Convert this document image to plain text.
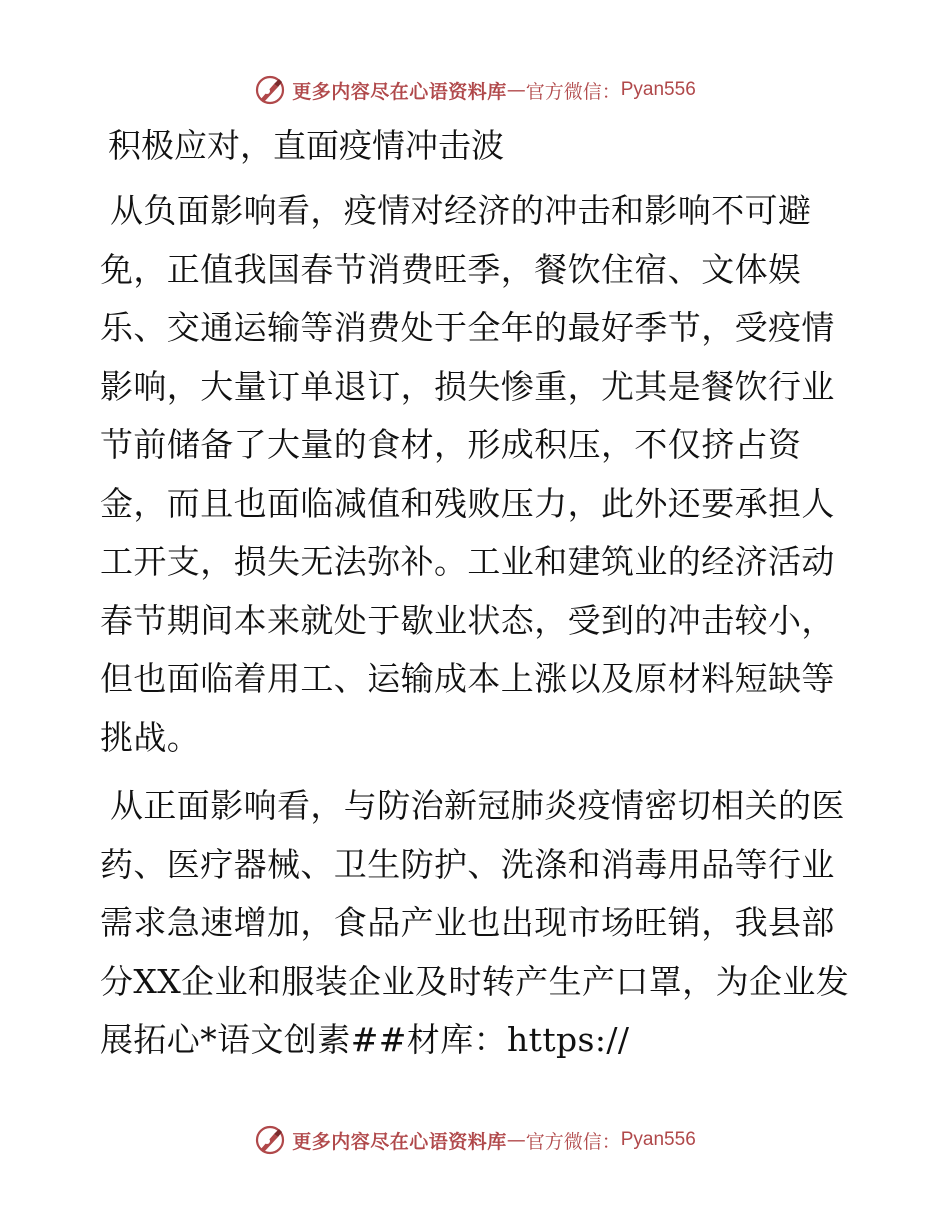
更多内容尽在心语资料库 — 官方微信： Pyan556
积极应对，直面疫情冲击波

从负面影响看，疫情对经济的冲击和影响不可避免，正值我国春节消费旺季，餐饮住宿、文体娱乐、交通运输等消费处于全年的最好季节，受疫情影响，大量订单退订，损失惨重，尤其是餐饮行业节前储备了大量的食材，形成积压，不仅挤占资金，而且也面临减值和残败压力，此外还要承担人工开支，损失无法弥补。工业和建筑业的经济活动春节期间本来就处于歇业状态，受到的冲击较小，但也面临着用工、运输成本上涨以及原材料短缺等挑战。

从正面影响看，与防治新冠肺炎疫情密切相关的医药、医疗器械、卫生防护、洗涤和消毒用品等行业需求急速增加，食品产业也出现市场旺销，我县部分XX企业和服装企业及时转产生产口罩，为企业发展拓心*语文创素##材库：https://

更多内容尽在心语资料库 — 官方微信： Pyan556
